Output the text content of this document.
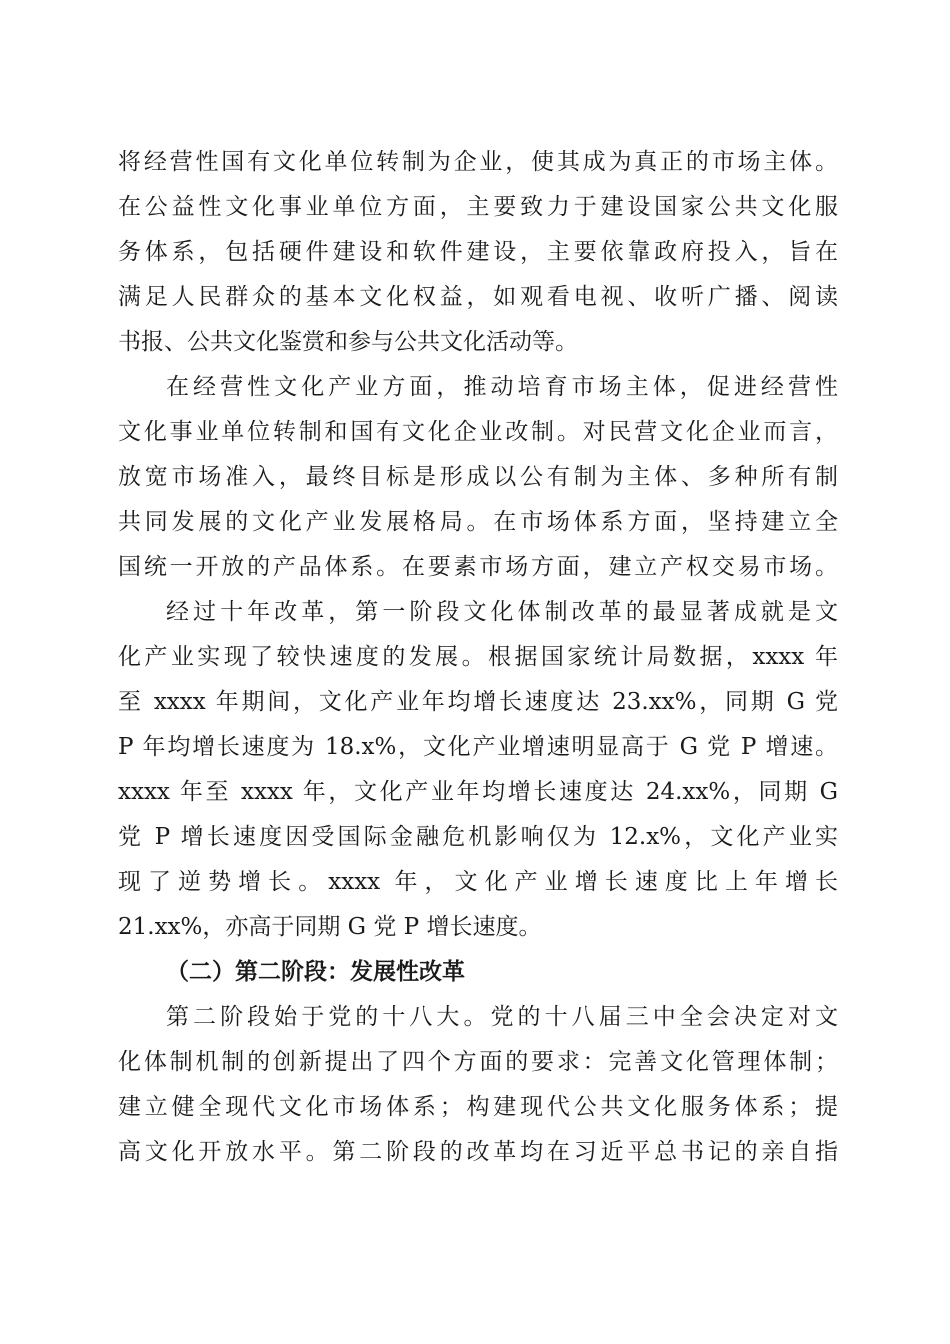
将经营性国有文化单位转制为企业，使其成为真正的市场主体。
在公益性文化事业单位方面，主要致力于建设国家公共文化服
务体系，包括硬件建设和软件建设，主要依靠政府投入，旨在
满足人民群众的基本文化权益，如观看电视、收听广播、阅读
书报、公共文化鉴赏和参与公共文化活动等。
在经营性文化产业方面，推动培育市场主体，促进经营性
文化事业单位转制和国有文化企业改制。对民营文化企业而言，
放宽市场准入，最终目标是形成以公有制为主体、多种所有制
共同发展的文化产业发展格局。在市场体系方面，坚持建立全
国统一开放的产品体系。在要素市场方面，建立产权交易市场。
经过十年改革，第一阶段文化体制改革的最显著成就是文
化产业实现了较快速度的发展。根据国家统计局数据，xxxx 年
至 xxxx 年期间，文化产业年均增长速度达 23.xx%，同期 G 党
P 年均增长速度为 18.x%，文化产业增速明显高于 G 党 P 增速。
xxxx 年至 xxxx 年，文化产业年均增长速度达 24.xx%，同期 G
党 P 增长速度因受国际金融危机影响仅为 12.x%，文化产业实
现了逆势增长。xxxx 年，文化产业增长速度比上年增长
21.xx%，亦高于同期 G 党 P 增长速度。
（二）第二阶段：发展性改革
第二阶段始于党的十八大。党的十八届三中全会决定对文
化体制机制的创新提出了四个方面的要求：完善文化管理体制；
建立健全现代文化市场体系；构建现代公共文化服务体系；提
高文化开放水平。第二阶段的改革均在习近平总书记的亲自指
